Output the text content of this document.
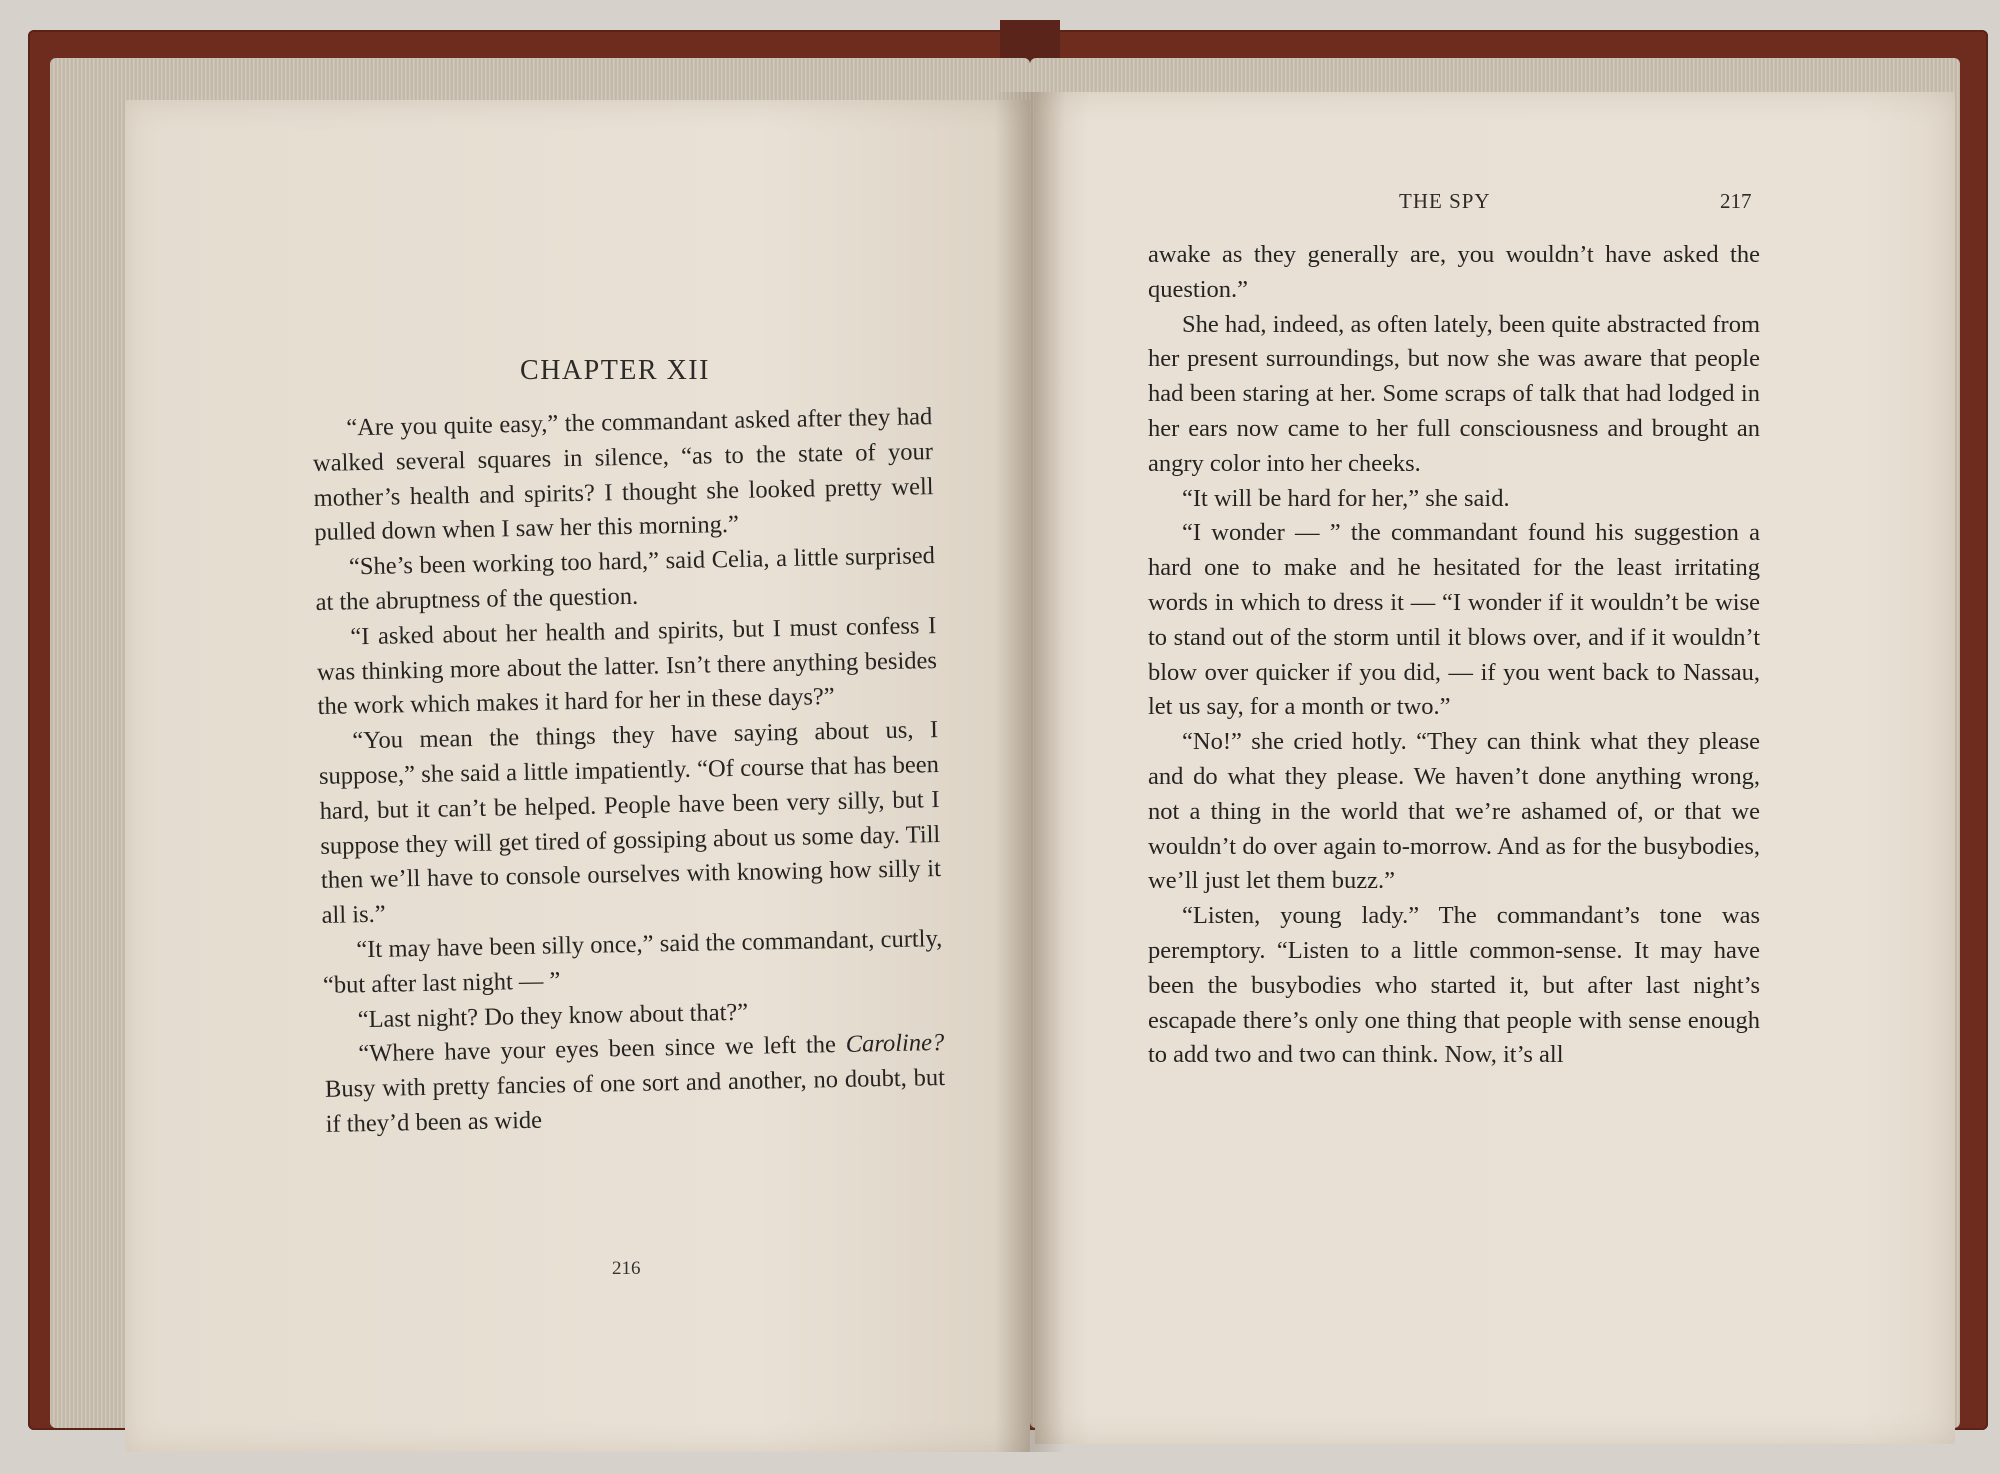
CHAPTER XII

“Are you quite easy,” the commandant asked after they had walked several squares in silence, “as to the state of your mother’s health and spirits? I thought she looked pretty well pulled down when I saw her this morning.”

“She’s been working too hard,” said Celia, a little surprised at the abruptness of the question.

“I asked about her health and spirits, but I must confess I was thinking more about the latter. Isn’t there anything besides the work which makes it hard for her in these days?”

“You mean the things they have saying about us, I suppose,” she said a little impatiently. “Of course that has been hard, but it can’t be helped. People have been very silly, but I suppose they will get tired of gossiping about us some day. Till then we’ll have to console ourselves with knowing how silly it all is.”

“It may have been silly once,” said the commandant, curtly, “but after last night — ”

“Last night? Do they know about that?”

“Where have your eyes been since we left the Caroline? Busy with pretty fancies of one sort and another, no doubt, but if they’d been as wide

216
THE SPY	217

awake as they generally are, you wouldn’t have asked the question.”

She had, indeed, as often lately, been quite abstracted from her present surroundings, but now she was aware that people had been staring at her. Some scraps of talk that had lodged in her ears now came to her full consciousness and brought an angry color into her cheeks.

“It will be hard for her,” she said.

“I wonder — ” the commandant found his suggestion a hard one to make and he hesitated for the least irritating words in which to dress it — “I wonder if it wouldn’t be wise to stand out of the storm until it blows over, and if it wouldn’t blow over quicker if you did, — if you went back to Nassau, let us say, for a month or two.”

“No!” she cried hotly. “They can think what they please and do what they please. We haven’t done anything wrong, not a thing in the world that we’re ashamed of, or that we wouldn’t do over again to-morrow. And as for the busybodies, we’ll just let them buzz.”

“Listen, young lady.” The commandant’s tone was peremptory. “Listen to a little common-sense. It may have been the busybodies who started it, but after last night’s escapade there’s only one thing that people with sense enough to add two and two can think. Now, it’s all
